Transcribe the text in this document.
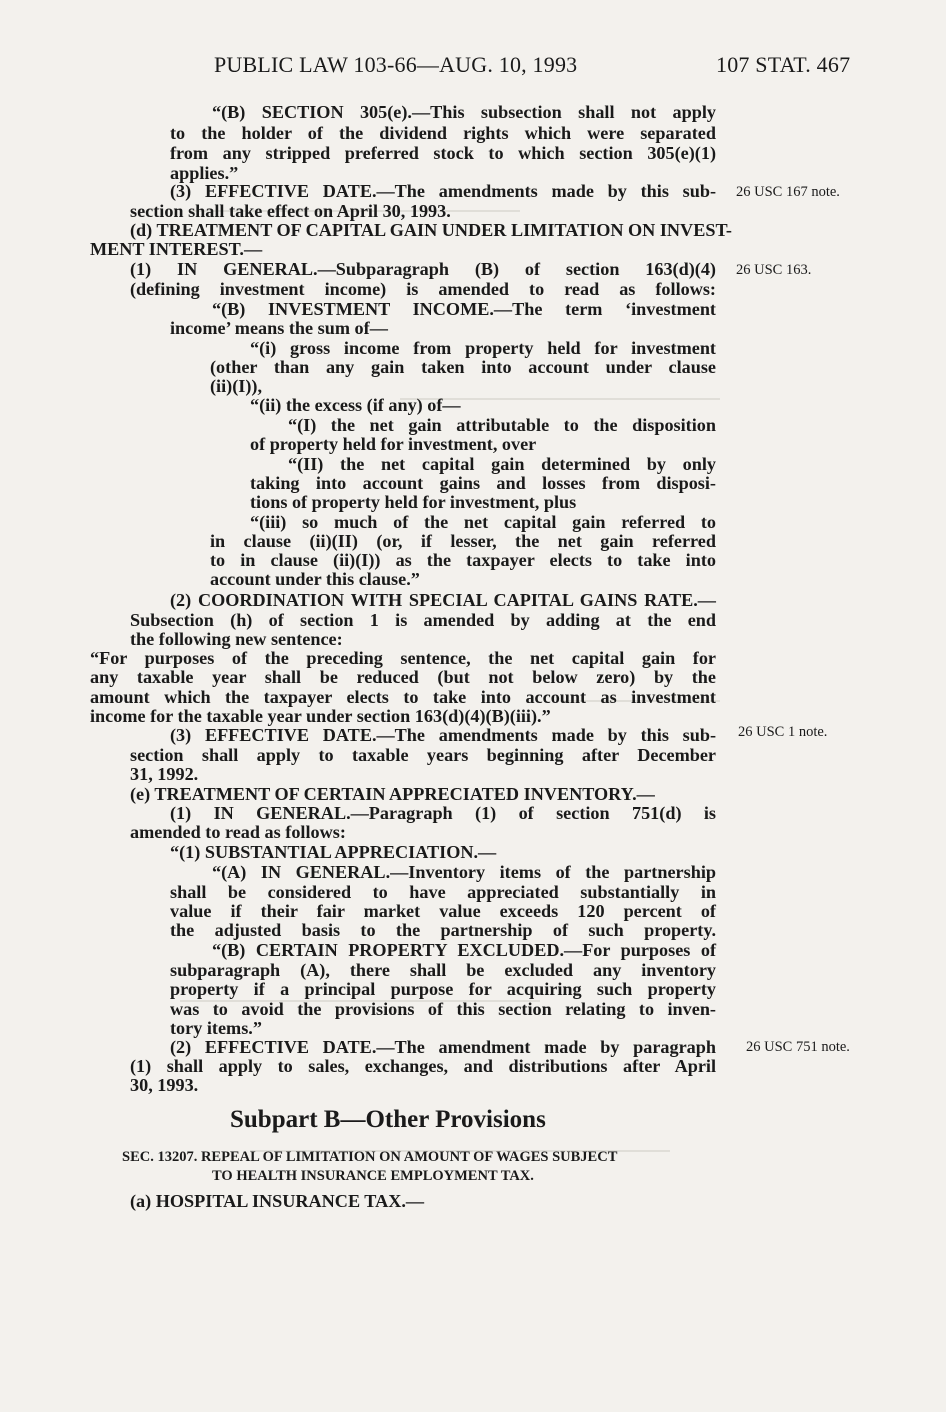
PUBLIC LAW 103-66—AUG. 10, 1993	107 STAT. 467
“(B) SECTION 305(e).—This subsection shall not apply
to the holder of the dividend rights which were separated
from any stripped preferred stock to which section 305(e)(1)
applies.”
(3) EFFECTIVE DATE.—The amendments made by this sub-
section shall take effect on April 30, 1993.
(d) TREATMENT OF CAPITAL GAIN UNDER LIMITATION ON INVEST-
MENT INTEREST.—
(1) IN GENERAL.—Subparagraph (B) of section 163(d)(4)
(defining investment income) is amended to read as follows:
“(B) INVESTMENT INCOME.—The term ‘investment
income’ means the sum of—
“(i) gross income from property held for investment
(other than any gain taken into account under clause
(ii)(I)),
“(ii) the excess (if any) of—
“(I) the net gain attributable to the disposition
of property held for investment, over
“(II) the net capital gain determined by only
taking into account gains and losses from disposi-
tions of property held for investment, plus
“(iii) so much of the net capital gain referred to
in clause (ii)(II) (or, if lesser, the net gain referred
to in clause (ii)(I)) as the taxpayer elects to take into
account under this clause.”
(2) COORDINATION WITH SPECIAL CAPITAL GAINS RATE.—
Subsection (h) of section 1 is amended by adding at the end
the following new sentence:
“For purposes of the preceding sentence, the net capital gain for
any taxable year shall be reduced (but not below zero) by the
amount which the taxpayer elects to take into account as investment
income for the taxable year under section 163(d)(4)(B)(iii).”
(3) EFFECTIVE DATE.—The amendments made by this sub-
section shall apply to taxable years beginning after December
31, 1992.
(e) TREATMENT OF CERTAIN APPRECIATED INVENTORY.—
(1) IN GENERAL.—Paragraph (1) of section 751(d) is
amended to read as follows:
“(1) SUBSTANTIAL APPRECIATION.—
“(A) IN GENERAL.—Inventory items of the partnership
shall be considered to have appreciated substantially in
value if their fair market value exceeds 120 percent of
the adjusted basis to the partnership of such property.
“(B) CERTAIN PROPERTY EXCLUDED.—For purposes of
subparagraph (A), there shall be excluded any inventory
property if a principal purpose for acquiring such property
was to avoid the provisions of this section relating to inven-
tory items.”
(2) EFFECTIVE DATE.—The amendment made by paragraph
(1) shall apply to sales, exchanges, and distributions after April
30, 1993.
26 USC 167 note.
26 USC 163.
26 USC 1 note.
26 USC 751 note.
Subpart B—Other Provisions
SEC. 13207. REPEAL OF LIMITATION ON AMOUNT OF WAGES SUBJECT
TO HEALTH INSURANCE EMPLOYMENT TAX.
(a) HOSPITAL INSURANCE TAX.—
